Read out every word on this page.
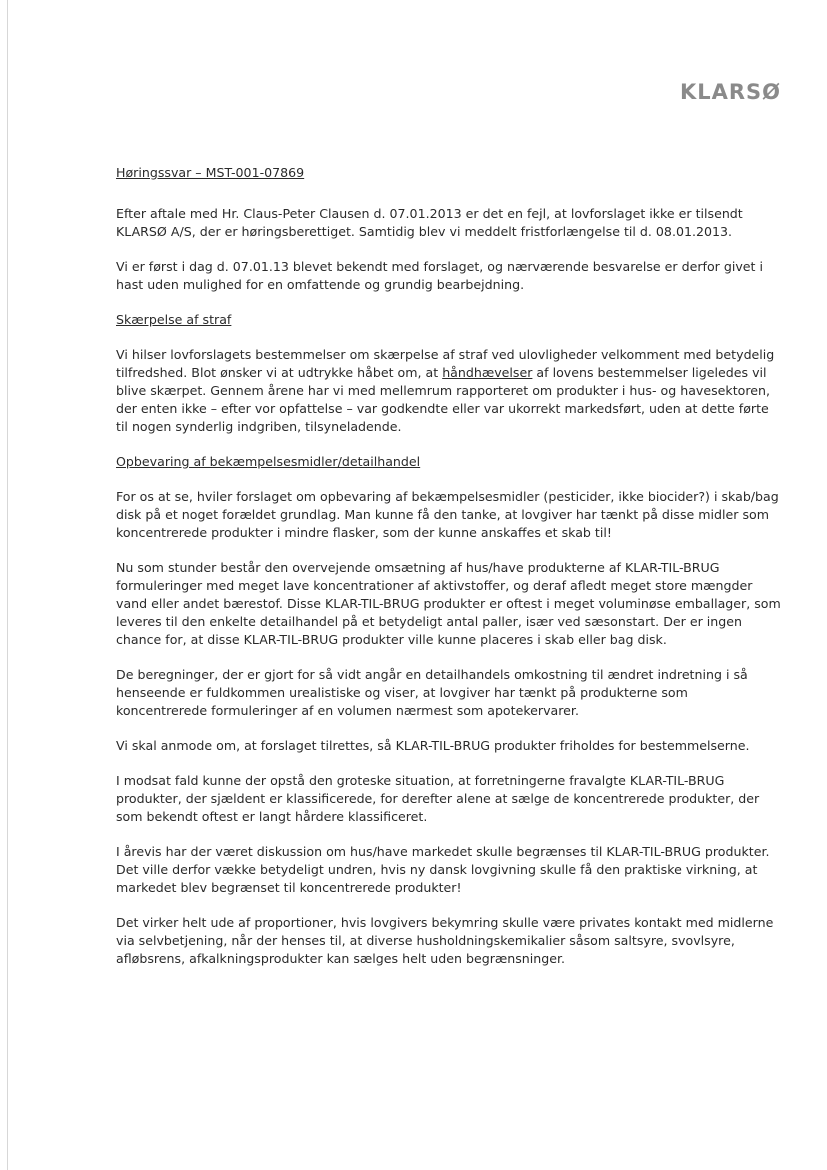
KLARSØ

Høringssvar – MST-001-07869

Efter aftale med Hr. Claus-Peter Clausen d. 07.01.2013 er det en fejl, at lovforslaget ikke er tilsendt KLARSØ A/S, der er høringsberettiget. Samtidig blev vi meddelt fristforlængelse til d. 08.01.2013.

Vi er først i dag d. 07.01.13 blevet bekendt med forslaget, og nærværende besvarelse er derfor givet i hast uden mulighed for en omfattende og grundig bearbejdning.

Skærpelse af straf

Vi hilser lovforslagets bestemmelser om skærpelse af straf ved ulovligheder velkomment med betydelig tilfredshed. Blot ønsker vi at udtrykke håbet om, at håndhævelser af lovens bestemmelser ligeledes vil blive skærpet. Gennem årene har vi med mellemrum rapporteret om produkter i hus- og havesektoren, der enten ikke – efter vor opfattelse – var godkendte eller var ukorrekt markedsført, uden at dette førte til nogen synderlig indgriben, tilsyneladende.

Opbevaring af bekæmpelsesmidler/detailhandel

For os at se, hviler forslaget om opbevaring af bekæmpelsesmidler (pesticider, ikke biocider?) i skab/bag disk på et noget forældet grundlag. Man kunne få den tanke, at lovgiver har tænkt på disse midler som koncentrerede produkter i mindre flasker, som der kunne anskaffes et skab til!

Nu som stunder består den overvejende omsætning af hus/have produkterne af KLAR-TIL-BRUG formuleringer med meget lave koncentrationer af aktivstoffer, og deraf afledt meget store mængder vand eller andet bærestof. Disse KLAR-TIL-BRUG produkter er oftest i meget voluminøse emballager, som leveres til den enkelte detailhandel på et betydeligt antal paller, især ved sæsonstart. Der er ingen chance for, at disse KLAR-TIL-BRUG produkter ville kunne placeres i skab eller bag disk.

De beregninger, der er gjort for så vidt angår en detailhandels omkostning til ændret indretning i så henseende er fuldkommen urealistiske og viser, at lovgiver har tænkt på produkterne som koncentrerede formuleringer af en volumen nærmest som apotekervarer.

Vi skal anmode om, at forslaget tilrettes, så KLAR-TIL-BRUG produkter friholdes for bestemmelserne.

I modsat fald kunne der opstå den groteske situation, at forretningerne fravalgte KLAR-TIL-BRUG produkter, der sjældent er klassificerede, for derefter alene at sælge de koncentrerede produkter, der som bekendt oftest er langt hårdere klassificeret.

I årevis har der været diskussion om hus/have markedet skulle begrænses til KLAR-TIL-BRUG produkter. Det ville derfor vække betydeligt undren, hvis ny dansk lovgivning skulle få den praktiske virkning, at markedet blev begrænset til koncentrerede produkter!

Det virker helt ude af proportioner, hvis lovgivers bekymring skulle være privates kontakt med midlerne via selvbetjening, når der henses til, at diverse husholdningskemikalier såsom saltsyre, svovlsyre, afløbsrens, afkalkningsprodukter kan sælges helt uden begrænsninger.
